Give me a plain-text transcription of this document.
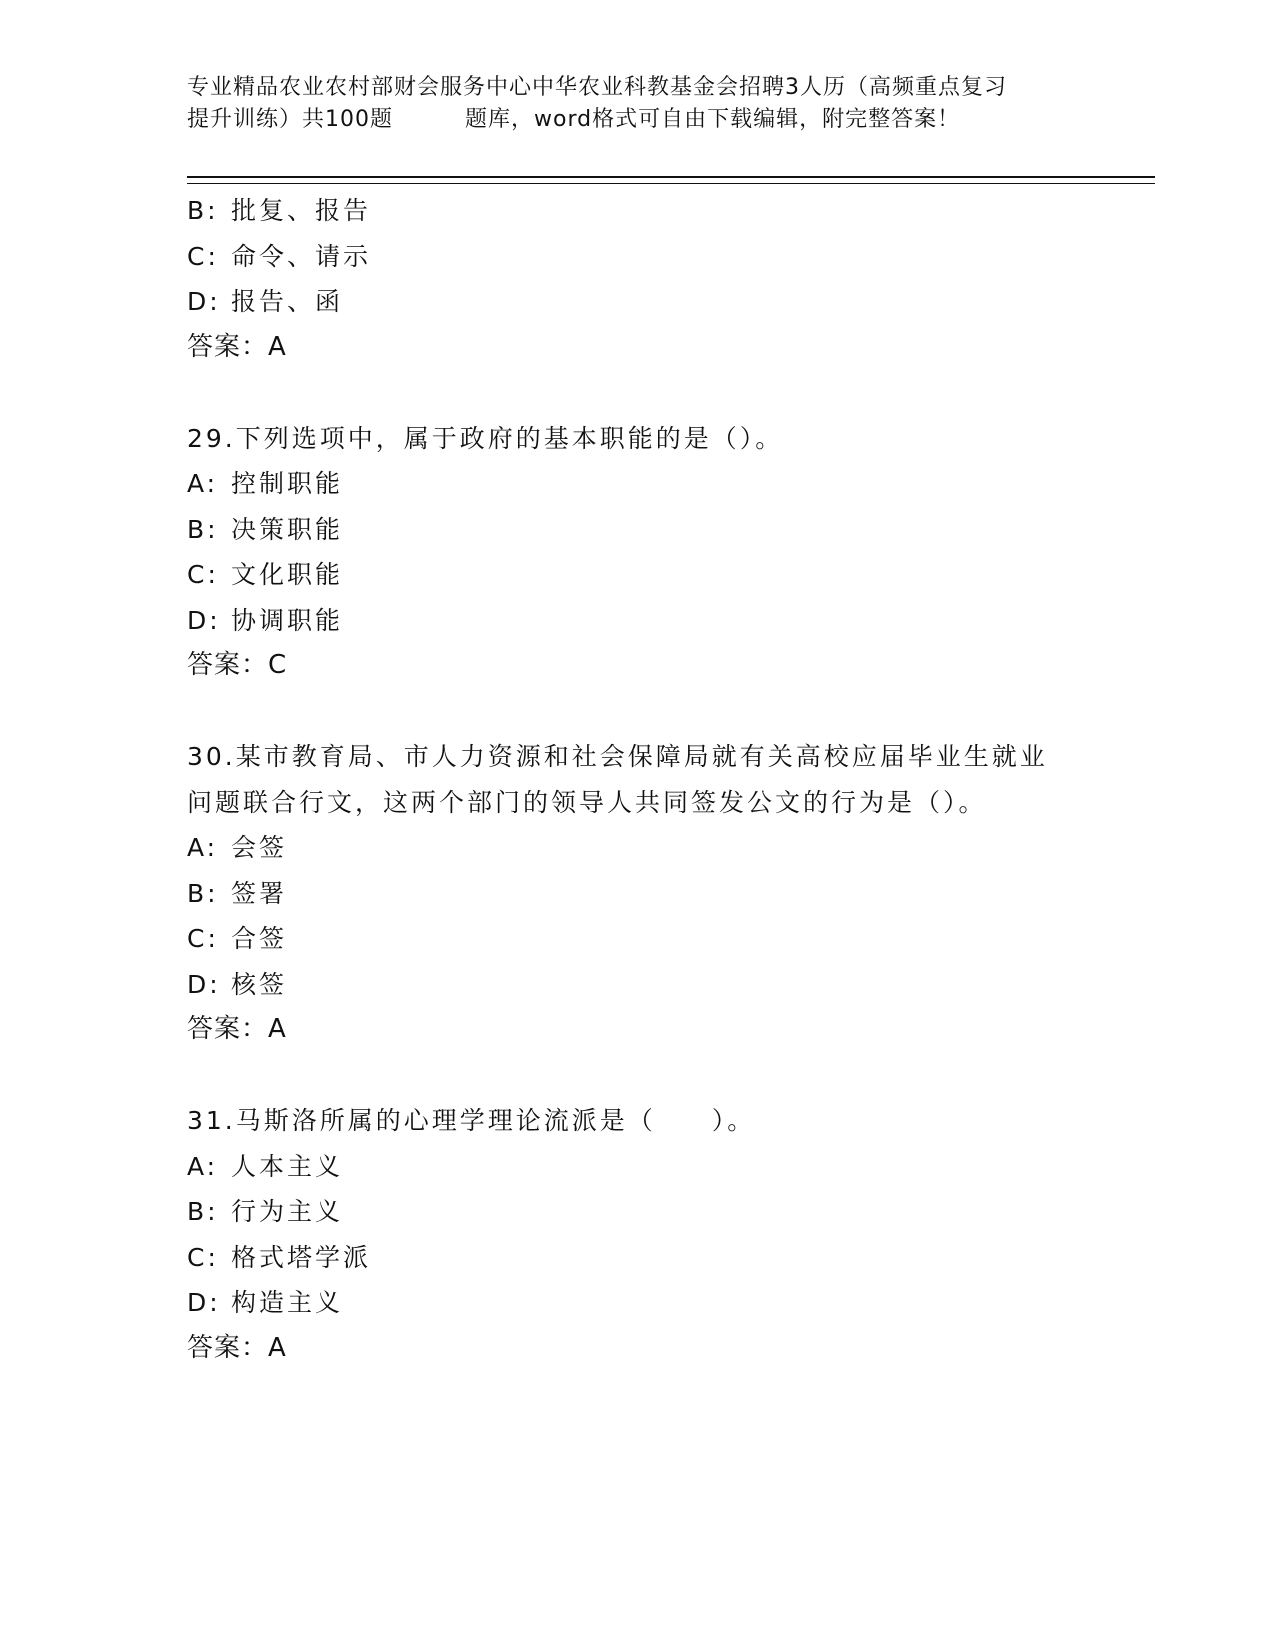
专业精品农业农村部财会服务中心中华农业科教基金会招聘3人历（高频重点复习
提升训练）共100题	题库，word格式可自由下载编辑，附完整答案！
B: 批复、报告
C: 命令、请示
D: 报告、函
答案：A
29.下列选项中，属于政府的基本职能的是（）。
A: 控制职能
B: 决策职能
C: 文化职能
D: 协调职能
答案：C
30.某市教育局、市人力资源和社会保障局就有关高校应届毕业生就业
问题联合行文，这两个部门的领导人共同签发公文的行为是（）。
A: 会签
B: 签署
C: 合签
D: 核签
答案：A
31.马斯洛所属的心理学理论流派是（　　）。
A: 人本主义
B: 行为主义
C: 格式塔学派
D: 构造主义
答案：A
